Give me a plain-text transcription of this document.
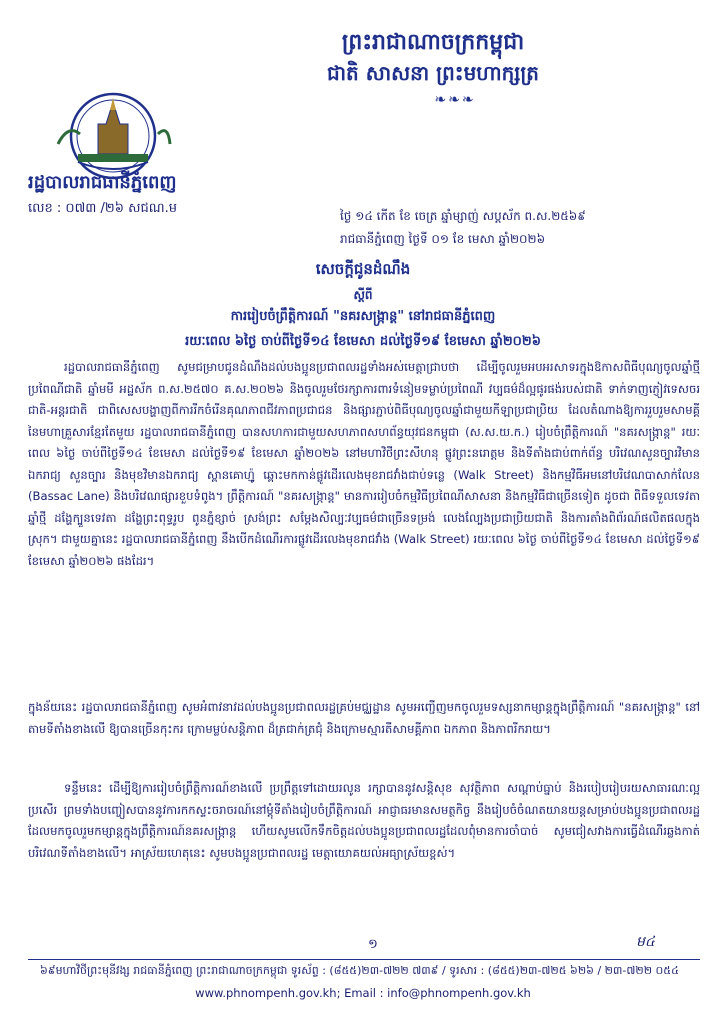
ព្រះរាជាណាចក្រកម្ពុជា
ជាតិ សាសនា ព្រះមហាក្សត្រ
❧❧❧
រដ្ឋបាលរាជធានីភ្នំពេញ
លេខ : ០៧៣ /២៦ សជណ.ម	ថ្ងៃ ១៤ កើត ខែ ចេត្រ ឆ្នាំម្សាញ់ សប្តស័ក ព.ស.២៥៦៩
រាជធានីភ្នំពេញ ថ្ងៃទី ០១ ខែ មេសា ឆ្នាំ២០២៦
សេចក្តីជូនដំណឹង
ស្តីពី
ការរៀបចំព្រឹត្តិការណ៍ "នគរសង្ក្រាន្ត" នៅរាជធានីភ្នំពេញ
រយៈពេល ៦ថ្ងៃ ចាប់ពីថ្ងៃទី១៤ ខែមេសា ដល់ថ្ងៃទី១៩ ខែមេសា ឆ្នាំ២០២៦
រដ្ឋបាលរាជធានីភ្នំពេញ សូមជម្រាបជូនដំណឹងដល់បងប្អូនប្រជាពលរដ្ឋទាំងអស់មេត្តាជ្រាបថា ដើម្បីចូលរួមអបអរសាទរក្នុងឱកាសពិធីបុណ្យចូលឆ្នាំថ្មីប្រពៃណីជាតិ ឆ្នាំមមី អដ្ឋស័ក ព.ស.២៥៧០ គ.ស.២០២៦ និងចូលរួមថែរក្សាការពារទំនៀមទម្លាប់ប្រពៃណី វប្បធម៌ដ៏ល្អផូរផង់របស់ជាតិ ទាក់ទាញភ្ញៀវទេសចរជាតិ-អន្តរជាតិ ជាពិសេសបង្ហាញពីការរីកចំរើនគុណភាពជីវភាពប្រជាជន និងផ្សារភ្ជាប់ពិធីបុណ្យចូលឆ្នាំជាមួយកីឡាប្រជាប្រិយ ដែលតំណាងឱ្យការរួបរួមសាមគ្គីនៃមហាគ្រួសារខ្មែរតែមួយ រដ្ឋបាលរាជធានីភ្នំពេញ បានសហការជាមួយសហភាពសហព័ន្ធយុវជនកម្ពុជា (ស.ស.យ.ក.) រៀបចំព្រឹត្តិការណ៍ "នគរសង្ក្រាន្ត" រយៈពេល ៦ថ្ងៃ ចាប់ពីថ្ងៃទី១៤ ខែមេសា ដល់ថ្ងៃទី១៩ ខែមេសា ឆ្នាំ២០២៦ នៅមហាវិថីព្រះសីហនុ ផ្លូវព្រះនរោត្តម និងទីតាំងជាប់ពាក់ព័ន្ធ បរិវេណសួនច្បារវិមានឯករាជ្យ សួនច្បារ និងមុខវិមានឯករាជ្យ ស្ពានគោហ្ម៉ូ ឆ្ពោះមកកាន់ផ្លូវដើរលេងមុខរាជវាំងជាប់ទន្លេ (Walk Street) និងកម្មវិធីអមនៅបរិវេណបាសាក់លែន (Bassac Lane) និងបរិវេណផ្សារខួបទំពូង។ ព្រឹត្តិការណ៍ "នគរសង្ក្រាន្ត" មានការរៀបចំកម្មវិធីប្រពៃណីសាសនា និងកម្មវិធីជាច្រើនទៀត ដូចជា ពិធីទទួលទេវតាឆ្នាំថ្មី ដង្ហែក្បួនទេវតា ដង្ហែព្រះពុទ្ធរូប ពូនភ្នំខ្សាច់ ស្រង់ព្រះ សម្តែងសិល្បៈវប្បធម៌ជាច្រើនទម្រង់ លេងល្បែងប្រជាប្រិយជាតិ និងការតាំងពិព័រណ៍ផលិតផលក្នុងស្រុក។ ជាមួយគ្នានេះ រដ្ឋបាលរាជធានីភ្នំពេញ នឹងបើកដំណើរការផ្លូវដើរលេងមុខរាជវាំង (Walk Street) រយៈពេល ៦ថ្ងៃ ចាប់ពីថ្ងៃទី១៤ ខែមេសា ដល់ថ្ងៃទី១៩ ខែមេសា ឆ្នាំ២០២៦ ផងដែរ។
ក្នុងន័យនេះ រដ្ឋបាលរាជធានីភ្នំពេញ សូមអំពាវនាវដល់បងប្អូនប្រជាពលរដ្ឋគ្រប់មជ្ឈដ្ឋាន សូមអញ្ជើញមកចូលរួមទស្សនាកម្សាន្តក្នុងព្រឹត្តិការណ៍ "នគរសង្ក្រាន្ត" នៅតាមទីតាំងខាងលើ ឱ្យបានច្រើនកុះករ ក្រោមម្លប់សន្តិភាព ដ៏ត្រជាក់ត្រជុំ និងក្រោមស្មារតីសាមគ្គីភាព ឯកភាព និងភាពរីករាយ។
ទន្ទឹមនេះ ដើម្បីឱ្យការរៀបចំព្រឹត្តិការណ៍ខាងលើ ប្រព្រឹត្តទៅដោយរលូន រក្សាបាននូវសន្តិសុខ សុវត្ថិភាព សណ្តាប់ធ្នាប់ និងរបៀបរៀបរយសាធារណៈល្អប្រសើរ ព្រមទាំងបញ្ចៀសបាននូវការកកស្ទះចរាចរណ៍នៅម្តុំទីតាំងរៀបចំព្រឹត្តិការណ៍ អាជ្ញាធរមានសមត្ថកិច្ច នឹងរៀបចំចំណតយានយន្តសម្រាប់បងប្អូនប្រជាពលរដ្ឋដែលមកចូលរួមកម្សាន្តក្នុងព្រឹត្តិការណ៍នគរសង្ក្រាន្ត ហើយសូមលើកទឹកចិត្តដល់បងប្អូនប្រជាពលរដ្ឋដែលពុំមានការចាំបាច់ សូមជៀសវាងការធ្វើដំណើរឆ្លងកាត់បរិវេណទីតាំងខាងលើ។ អាស្រ័យហេតុនេះ សូមបងប្អូនប្រជាពលរដ្ឋ មេត្តាយោគយល់អធ្យាស្រ័យខ្ពស់។
១	ម៤
៦៩មហាវិថីព្រះមុនីវង្ស រាជធានីភ្នំពេញ ព្រះរាជាណាចក្រកម្ពុជា ទូរស័ព្ទ : (៨៥៥)២៣-៧២២ ៧៣៩ / ទូរសារ : (៨៥៥)២៣-៧២៥ ៦២៦ / ២៣-៧២២ ០៥៤
www.phnompenh.gov.kh; Email : info@phnompenh.gov.kh
